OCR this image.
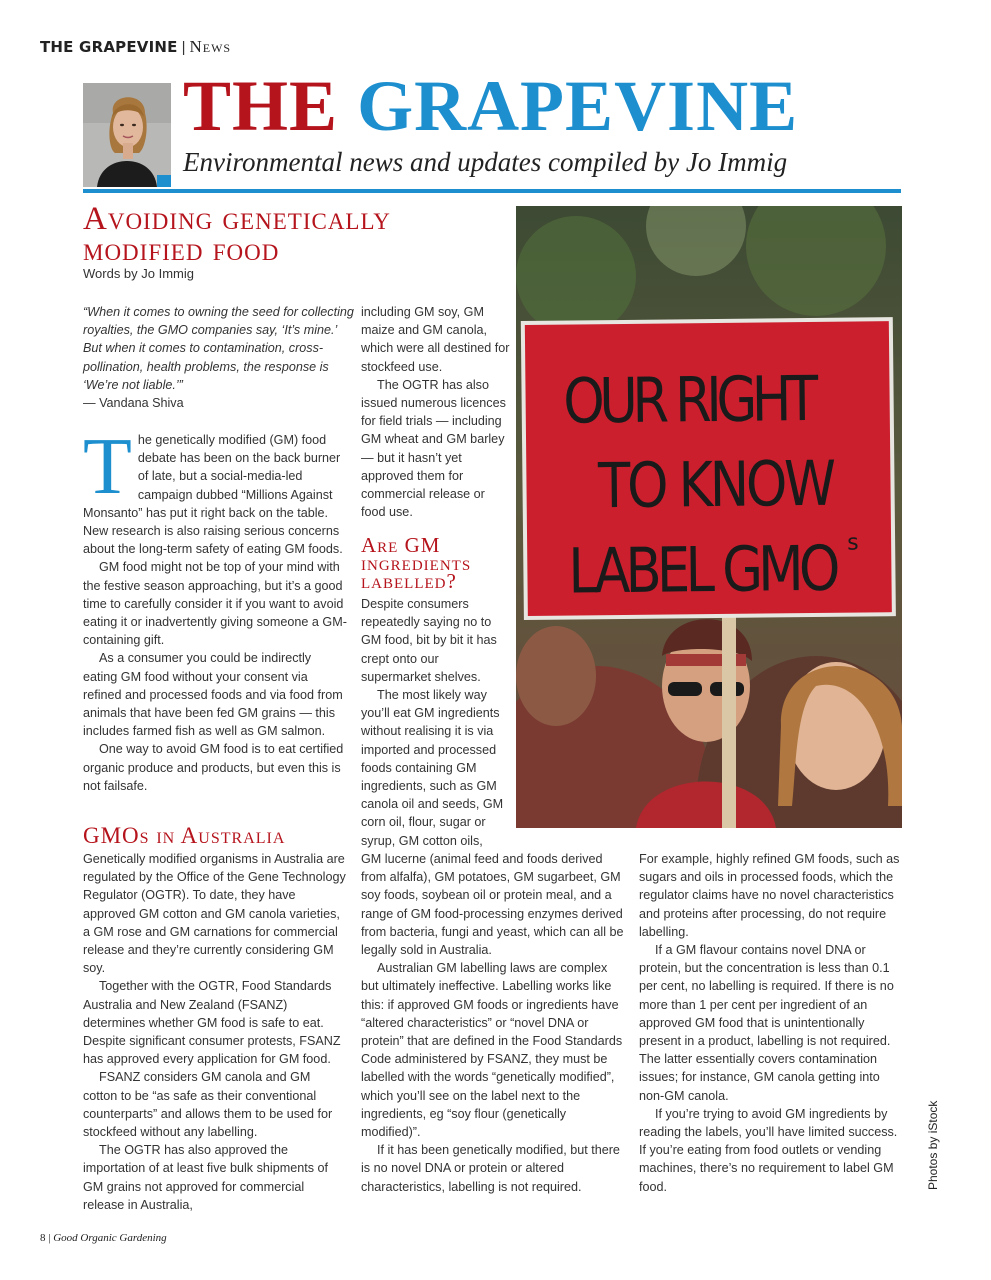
THE GRAPEVINE | News
THE GRAPEVINE
Environmental news and updates compiled by Jo Immig
Avoiding genetically modified food
Words by Jo Immig
“When it comes to owning the seed for collecting royalties, the GMO companies say, ‘It’s mine.’ But when it comes to contamination, cross-pollination, health problems, the response is ‘We’re not liable.’”
— Vandana Shiva
T he genetically modified (GM) food debate has been on the back burner of late, but a social-media-led campaign dubbed “Millions Against Monsanto” has put it right back on the table. New research is also raising serious concerns about the long-term safety of eating GM foods.

GM food might not be top of your mind with the festive season approaching, but it’s a good time to carefully consider it if you want to avoid eating it or inadvertently giving someone a GM-containing gift.

As a consumer you could be indirectly eating GM food without your consent via refined and processed foods and via food from animals that have been fed GM grains — this includes farmed fish as well as GM salmon.

One way to avoid GM food is to eat certified organic produce and products, but even this is not failsafe.

GMOs in Australia

Genetically modified organisms in Australia are regulated by the Office of the Gene Technology Regulator (OGTR). To date, they have approved GM cotton and GM canola varieties, a GM rose and GM carnations for commercial release and they’re currently considering GM soy.

Together with the OGTR, Food Standards Australia and New Zealand (FSANZ) determines whether GM food is safe to eat. Despite significant consumer protests, FSANZ has approved every application for GM food.

FSANZ considers GM canola and GM cotton to be “as safe as their conventional counterparts” and allows them to be used for stockfeed without any labelling.

The OGTR has also approved the importation of at least five bulk shipments of GM grains not approved for commercial release in Australia,

including GM soy, GM maize and GM canola, which were all destined for stockfeed use.

The OGTR has also issued numerous licences for field trials — including GM wheat and GM barley — but it hasn’t yet approved them for commercial release or food use.

Are GM ingredients labelled?

Despite consumers repeatedly saying no to GM food, bit by bit it has crept onto our supermarket shelves.

The most likely way you’ll eat GM ingredients without realising it is via imported and processed foods containing GM ingredients, such as GM canola oil and seeds, GM corn oil, flour, sugar or syrup, GM cotton oils,

GM lucerne (animal feed and foods derived from alfalfa), GM potatoes, GM sugarbeet, GM soy foods, soybean oil or protein meal, and a range of GM food-processing enzymes derived from bacteria, fungi and yeast, which can all be legally sold in Australia.

Australian GM labelling laws are complex but ultimately ineffective. Labelling works like this: if approved GM foods or ingredients have “altered characteristics” or “novel DNA or protein” that are defined in the Food Standards Code administered by FSANZ, they must be labelled with the words “genetically modified”, which you’ll see on the label next to the ingredients, eg “soy flour (genetically modified)”.

If it has been genetically modified, but there is no novel DNA or protein or altered characteristics, labelling is not required.

For example, highly refined GM foods, such as sugars and oils in processed foods, which the regulator claims have no novel characteristics and proteins after processing, do not require labelling.

If a GM flavour contains novel DNA or protein, but the concentration is less than 0.1 per cent, no labelling is required. If there is no more than 1 per cent per ingredient of an approved GM food that is unintentionally present in a product, labelling is not required. The latter essentially covers contamination issues; for instance, GM canola getting into non-GM canola.

If you’re trying to avoid GM ingredients by reading the labels, you’ll have limited success. If you’re eating from food outlets or vending machines, there’s no requirement to label GM food.

OUR RIGHT
TO KNOW
LABEL GMO s
Photos by iStock
8 | Good Organic Gardening
